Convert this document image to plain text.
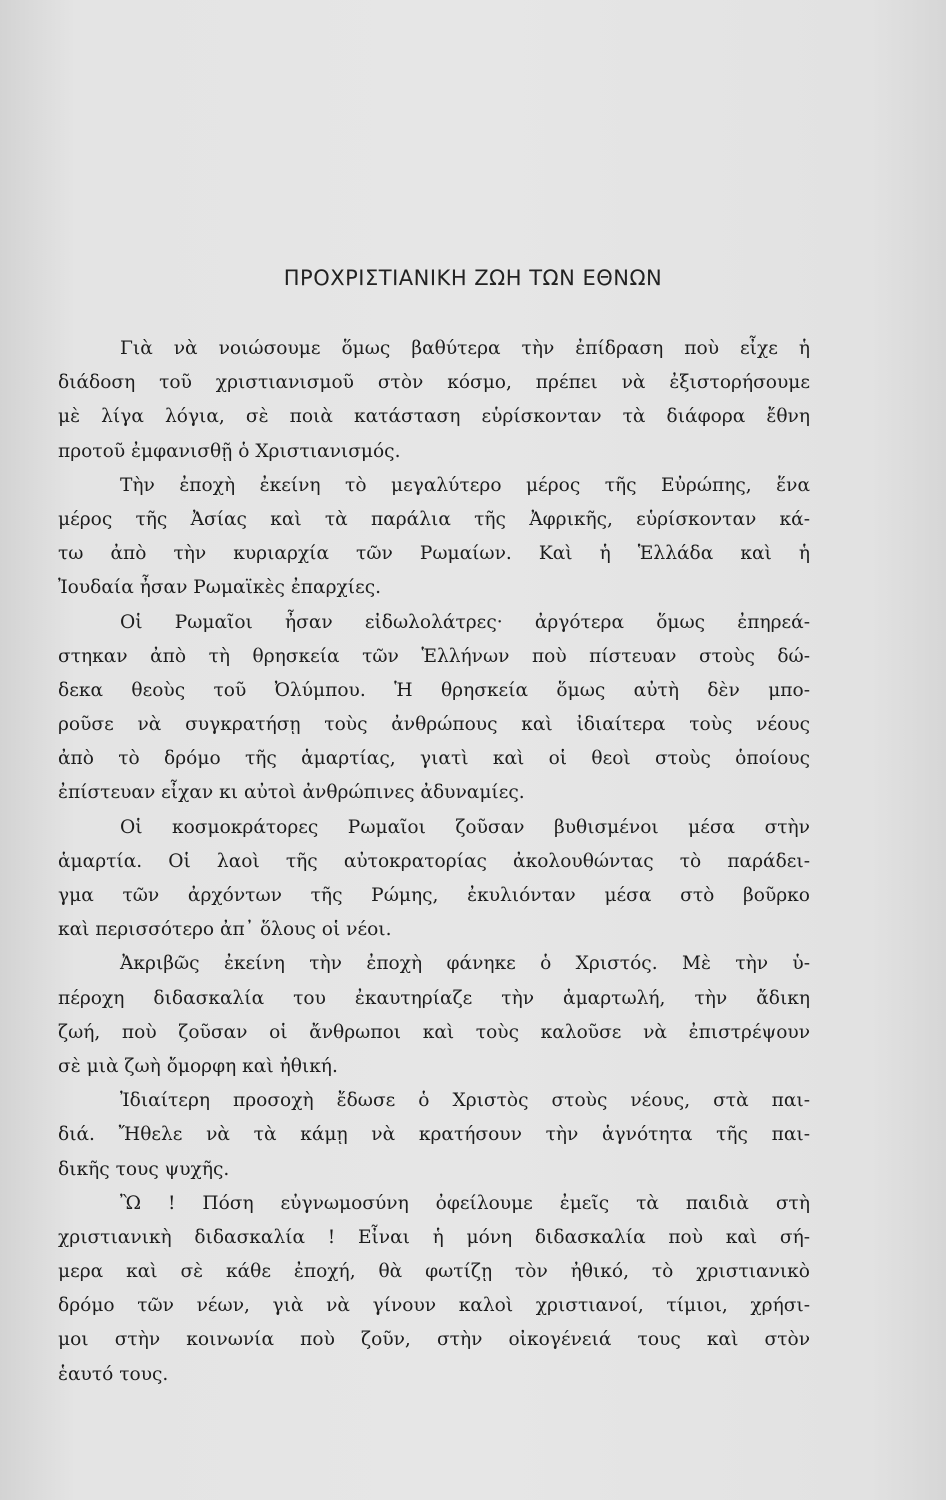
ΠΡΟΧΡΙΣΤΙΑΝΙΚΗ ΖΩΗ ΤΩΝ ΕΘΝΩΝ
Γιὰ νὰ νοιώσουμε ὅμως βαθύτερα τὴν ἐπίδραση ποὺ εἶχε ἡ
διάδοση τοῦ χριστιανισμοῦ στὸν κόσμο, πρέπει νὰ ἐξιστορήσουμε
μὲ λίγα λόγια, σὲ ποιὰ κατάσταση εὑρίσκονταν τὰ διάφορα ἔθνη
προτοῦ ἐμφανισθῇ ὁ Χριστιανισμός.
Τὴν ἐποχὴ ἐκείνη τὸ μεγαλύτερο μέρος τῆς Εὐρώπης, ἕνα
μέρος τῆς Ἀσίας καὶ τὰ παράλια τῆς Ἀφρικῆς, εὑρίσκονταν κά-
τω ἀπὸ τὴν κυριαρχία τῶν Ρωμαίων. Καὶ ἡ Ἑλλάδα καὶ ἡ
Ἰουδαία ἦσαν Ρωμαϊκὲς ἐπαρχίες.
Οἱ Ρωμαῖοι ἦσαν εἰδωλολάτρες· ἀργότερα ὅμως ἐπηρεά-
στηκαν ἀπὸ τὴ θρησκεία τῶν Ἑλλήνων ποὺ πίστευαν στοὺς δώ-
δεκα θεοὺς τοῦ Ὀλύμπου. Ἡ θρησκεία ὅμως αὐτὴ δὲν μπο-
ροῦσε νὰ συγκρατήσῃ τοὺς ἀνθρώπους καὶ ἰδιαίτερα τοὺς νέους
ἀπὸ τὸ δρόμο τῆς ἁμαρτίας, γιατὶ καὶ οἱ θεοὶ στοὺς ὁποίους
ἐπίστευαν εἶχαν κι αὐτοὶ ἀνθρώπινες ἀδυναμίες.
Οἱ κοσμοκράτορες Ρωμαῖοι ζοῦσαν βυθισμένοι μέσα στὴν
ἁμαρτία. Οἱ λαοὶ τῆς αὐτοκρατορίας ἀκολουθώντας τὸ παράδει-
γμα τῶν ἀρχόντων τῆς Ρώμης, ἐκυλιόνταν μέσα στὸ βοῦρκο
καὶ περισσότερο ἀπ᾿ ὅλους οἱ νέοι.
Ἀκριβῶς ἐκείνη τὴν ἐποχὴ φάνηκε ὁ Χριστός. Μὲ τὴν ὑ-
πέροχη διδασκαλία του ἐκαυτηρίαζε τὴν ἁμαρτωλή, τὴν ἄδικη
ζωή, ποὺ ζοῦσαν οἱ ἄνθρωποι καὶ τοὺς καλοῦσε νὰ ἐπιστρέψουν
σὲ μιὰ ζωὴ ὄμορφη καὶ ἠθική.
Ἰδιαίτερη προσοχὴ ἔδωσε ὁ Χριστὸς στοὺς νέους, στὰ παι-
διά. Ἤθελε νὰ τὰ κάμῃ νὰ κρατήσουν τὴν ἁγνότητα τῆς παι-
δικῆς τους ψυχῆς.
Ὢ ! Πόση εὐγνωμοσύνη ὀφείλουμε ἐμεῖς τὰ παιδιὰ στὴ
χριστιανικὴ διδασκαλία ! Εἶναι ἡ μόνη διδασκαλία ποὺ καὶ σή-
μερα καὶ σὲ κάθε ἐποχή, θὰ φωτίζῃ τὸν ἠθικό, τὸ χριστιανικὸ
δρόμο τῶν νέων, γιὰ νὰ γίνουν καλοὶ χριστιανοί, τίμιοι, χρήσι-
μοι στὴν κοινωνία ποὺ ζοῦν, στὴν οἰκογένειά τους καὶ στὸν
ἑαυτό τους.
